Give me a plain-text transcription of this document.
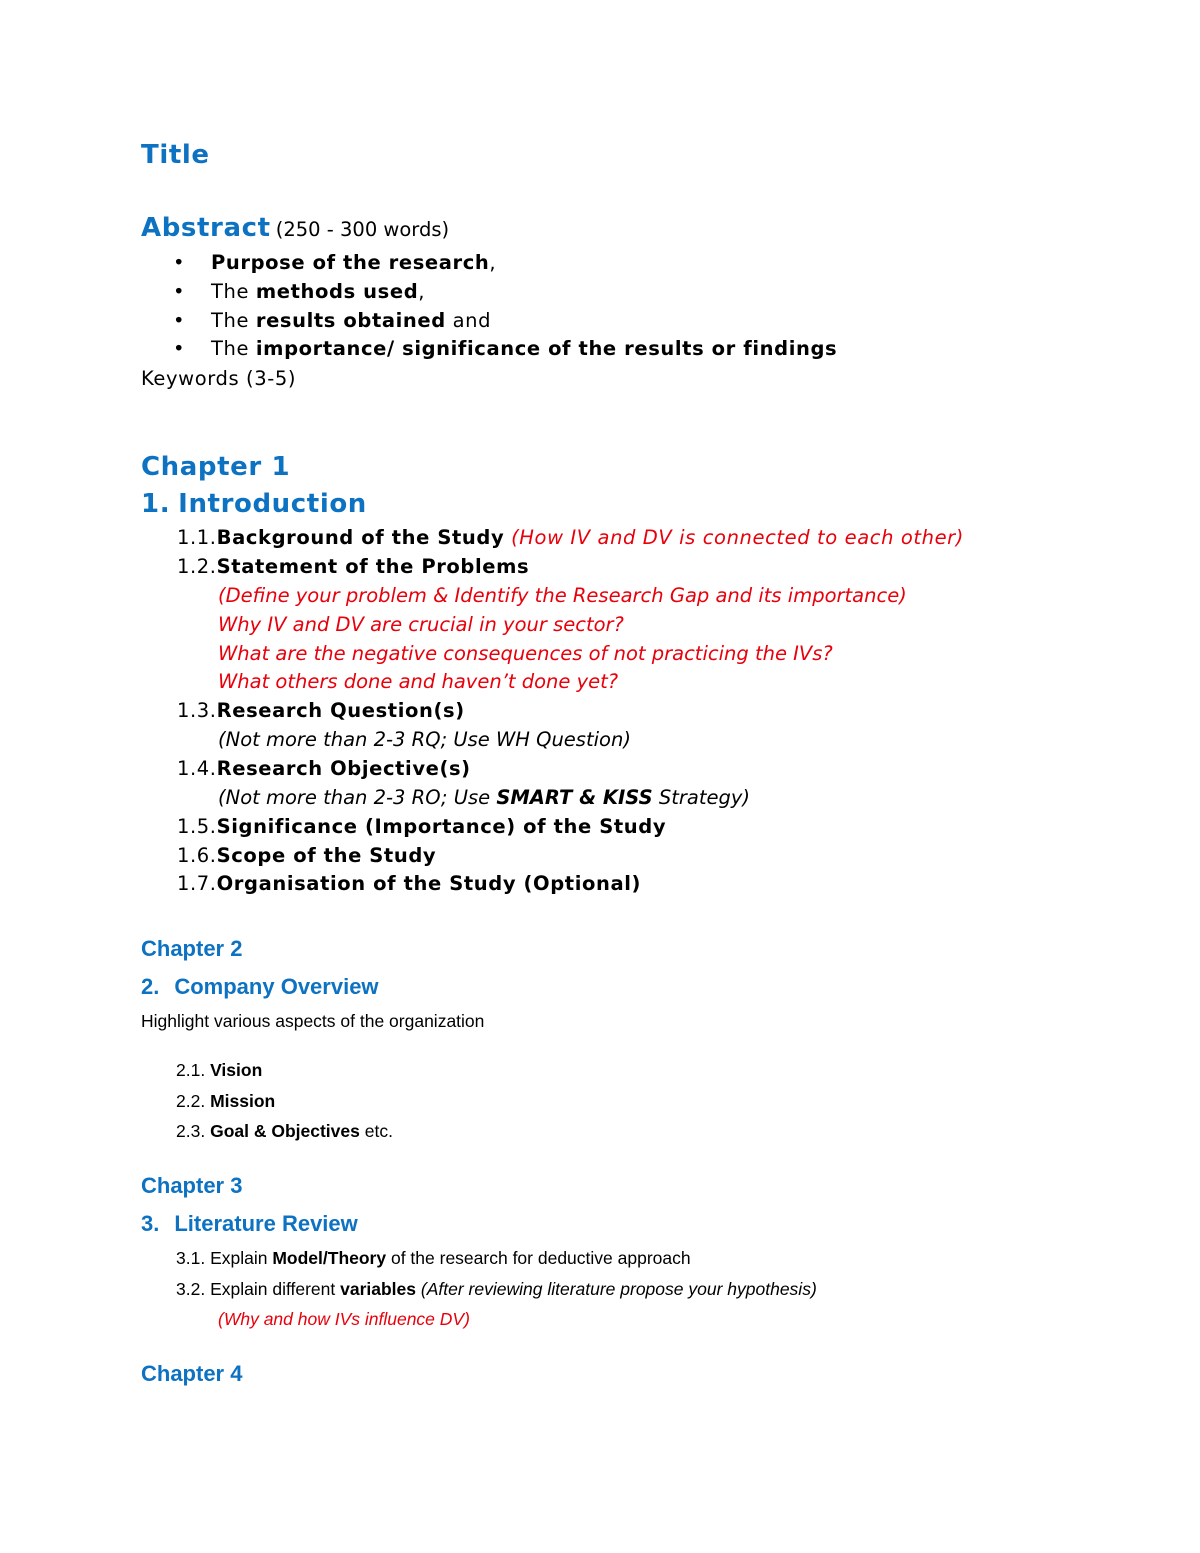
Title
Abstract (250 - 300 words)
• Purpose of the research,
• The methods used,
• The results obtained and
• The importance/ significance of the results or findings
Keywords (3-5)
Chapter 1
1. Introduction
1.1.Background of the Study (How IV and DV is connected to each other)
1.2.Statement of the Problems
(Define your problem & Identify the Research Gap and its importance)
Why IV and DV are crucial in your sector?
What are the negative consequences of not practicing the IVs?
What others done and haven’t done yet?
1.3.Research Question(s)
(Not more than 2-3 RQ; Use WH Question)
1.4.Research Objective(s)
(Not more than 2-3 RO; Use SMART & KISS Strategy)
1.5.Significance (Importance) of the Study
1.6.Scope of the Study
1.7.Organisation of the Study (Optional)
Chapter 2
2. Company Overview
Highlight various aspects of the organization
2.1. Vision
2.2. Mission
2.3. Goal & Objectives etc.
Chapter 3
3. Literature Review
3.1. Explain Model/Theory of the research for deductive approach
3.2. Explain different variables (After reviewing literature propose your hypothesis)
(Why and how IVs influence DV)
Chapter 4
